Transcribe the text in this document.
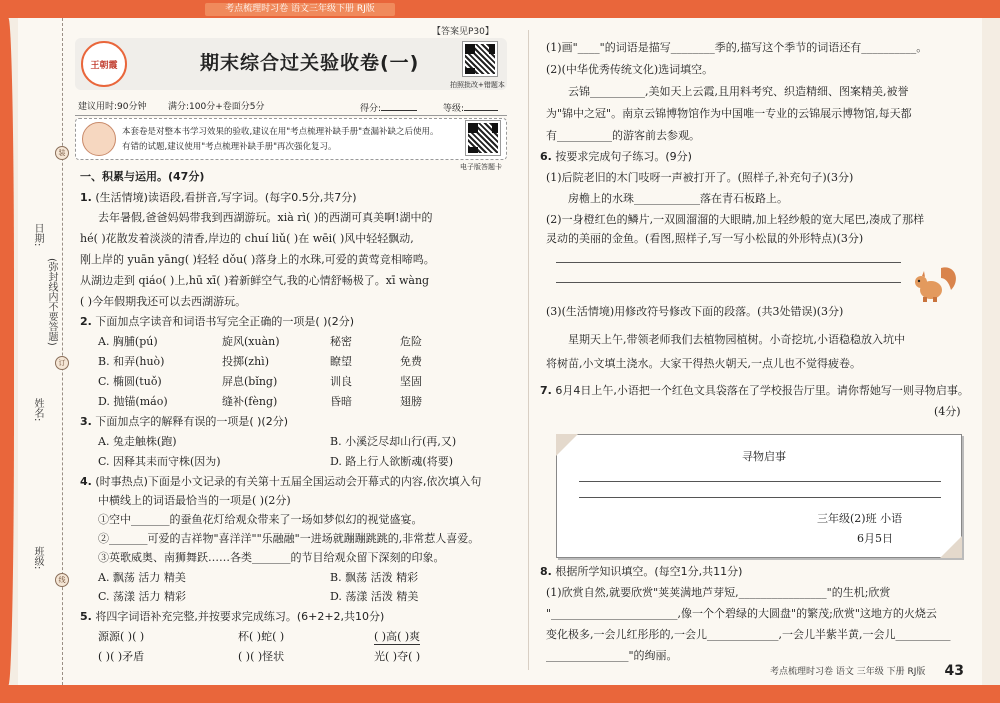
考点梳理时习卷 语文三年级下册 RJ版
日期:
(弥封线内不要答题)
姓名:
班级:
装
订
线
【答案见P30】
王朝霞	期末综合过关验收卷(一)
拍照批改+错题本
建议用时:90分钟 满分:100分+卷面分5分	得分:	等级:
本套卷是对整本书学习效果的验收,建议在用"考点梳理补缺手册"查漏补缺之后使用。
有错的试题,建议使用"考点梳理补缺手册"再次强化复习。
电子版答题卡
一、积累与运用。(47分)
1. (生活情境)读语段,看拼音,写字词。(每字0.5分,共7分)
去年暑假,爸爸妈妈带我到西湖游玩。xià rì( )的西湖可真美啊!湖中的
hé( )花散发着淡淡的清香,岸边的 chuí liǔ( )在 wēi( )风中轻轻飘动,
刚上岸的 yuān yāng( )轻轻 dǒu( )落身上的水珠,可爱的黄莺竞相啼鸣。
从湖边走到 qiáo( )上,hū xī( )着新鲜空气,我的心情舒畅极了。xī wàng
( )今年假期我还可以去西湖游玩。
2. 下面加点字读音和词语书写完全正确的一项是( )(2分)
A. 胸脯(pú)	旋风(xuàn)	秘密	危险
B. 和弄(huò)	投掷(zhì)	瞭望	免费
C. 椭圆(tuǒ)	屏息(bǐng)	训良	坚固
D. 抛锚(máo)	缝补(fèng)	昏暗	翅膀
3. 下面加点字的解释有误的一项是( )(2分)
A. 兔走触株(跑)	B. 小溪泛尽却山行(再,又)
C. 因释其耒而守株(因为)	D. 路上行人欲断魂(将要)
4. (时事热点)下面是小文记录的有关第十五届全国运动会开幕式的内容,依次填入句
中横线上的词语最恰当的一项是( )(2分)
①空中_______的蚕鱼花灯给观众带来了一场如梦似幻的视觉盛宴。
②_______可爱的吉祥物"喜洋洋""乐融融"一进场就蹦蹦跳跳的,非常惹人喜爱。
③英歌威奥、南狮舞跃……各类_______的节目给观众留下深刻的印象。
A. 飘荡 活力 精美	B. 飘荡 活泼 精彩
C. 荡漾 活力 精彩	D. 荡漾 活泼 精美
5. 将四字词语补充完整,并按要求完成练习。(6+2+2,共10分)
源源( )( )	杯( )蛇( )	( )高( )爽
( )( )矛盾	( )( )怪状	光( )夺( )
(1)画"____"的词语是描写________季的,描写这个季节的词语还有__________。
(2)(中华优秀传统文化)选词填空。
云锦__________,美如天上云霞,且用料考究、织造精细、图案精美,被誉
为"锦中之冠"。南京云锦博物馆作为中国唯一专业的云锦展示博物馆,每天都
有__________的游客前去参观。
6. 按要求完成句子练习。(9分)
(1)后院老旧的木门吱呀一声被打开了。(照样子,补充句子)(3分)
房檐上的水珠____________落在青石板路上。
(2)一身橙红色的鳞片,一双圆溜溜的大眼睛,加上轻纱般的宽大尾巴,凑成了那样
灵动的美丽的金鱼。(看图,照样子,写一写小松鼠的外形特点)(3分)
(3)(生活情境)用修改符号修改下面的段落。(共3处错误)(3分)
星期天上午,带领老师我们去植物园植树。小奇挖坑,小语稳稳放入坑中
将树苗,小文填土浇水。大家干得热火朝天,一点儿也不觉得疲卷。
7. 6月4日上午,小语把一个红色文具袋落在了学校报告厅里。请你帮她写一则寻物启事。
(4分)
寻物启事
三年级(2)班 小语
6月5日
8. 根据所学知识填空。(每空1分,共11分)
(1)欣赏自然,就要欣赏"荚荚满地芦芽短,________________"的生机;欣赏
"_______________________,像一个个碧绿的大圆盘"的繁茂;欣赏"这地方的火烧云
变化极多,一会儿红彤彤的,一会儿_____________,一会儿半紫半黄,一会儿__________
_______________"的绚丽。
考点梳理时习卷 语文 三年级 下册 RJ版 43
